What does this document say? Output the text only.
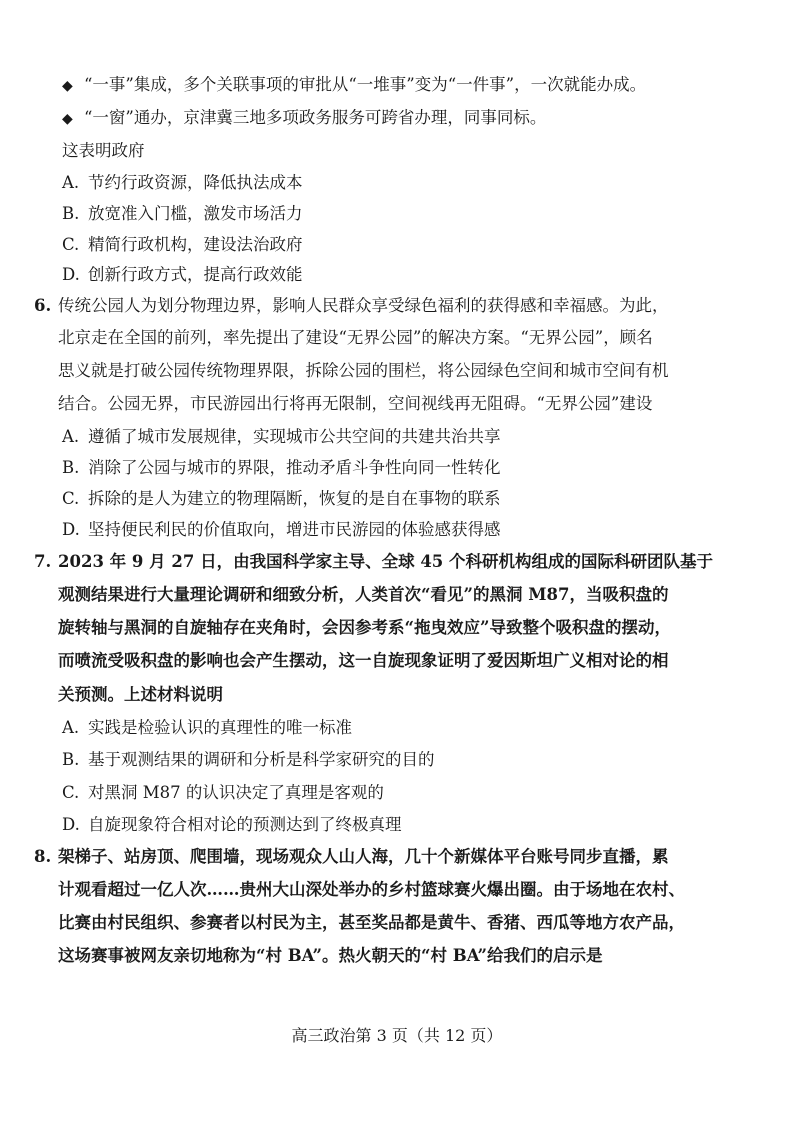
◆ “一事”集成，多个关联事项的审批从“一堆事”变为“一件事”，一次就能办成。
◆ “一窗”通办，京津冀三地多项政务服务可跨省办理，同事同标。
这表明政府
A. 节约行政资源，降低执法成本
B. 放宽准入门槛，激发市场活力
C. 精简行政机构，建设法治政府
D. 创新行政方式，提高行政效能
6. 传统公园人为划分物理边界，影响人民群众享受绿色福利的获得感和幸福感。为此，
北京走在全国的前列，率先提出了建设“无界公园”的解决方案。“无界公园”，顾名
思义就是打破公园传统物理界限，拆除公园的围栏，将公园绿色空间和城市空间有机
结合。公园无界，市民游园出行将再无限制，空间视线再无阻碍。“无界公园”建设
A. 遵循了城市发展规律，实现城市公共空间的共建共治共享
B. 消除了公园与城市的界限，推动矛盾斗争性向同一性转化
C. 拆除的是人为建立的物理隔断，恢复的是自在事物的联系
D. 坚持便民利民的价值取向，增进市民游园的体验感获得感
7. 2023 年 9 月 27 日，由我国科学家主导、全球 45 个科研机构组成的国际科研团队基于
观测结果进行大量理论调研和细致分析，人类首次“看见”的黑洞 M87，当吸积盘的
旋转轴与黑洞的自旋轴存在夹角时，会因参考系“拖曳效应”导致整个吸积盘的摆动，
而喷流受吸积盘的影响也会产生摆动，这一自旋现象证明了爱因斯坦广义相对论的相
关预测。上述材料说明
A. 实践是检验认识的真理性的唯一标准
B. 基于观测结果的调研和分析是科学家研究的目的
C. 对黑洞 M87 的认识决定了真理是客观的
D. 自旋现象符合相对论的预测达到了终极真理
8. 架梯子、站房顶、爬围墙，现场观众人山人海，几十个新媒体平台账号同步直播，累
计观看超过一亿人次……贵州大山深处举办的乡村篮球赛火爆出圈。由于场地在农村、
比赛由村民组织、参赛者以村民为主，甚至奖品都是黄牛、香猪、西瓜等地方农产品，
这场赛事被网友亲切地称为“村 BA”。热火朝天的“村 BA”给我们的启示是
高三政治第 3 页（共 12 页）
